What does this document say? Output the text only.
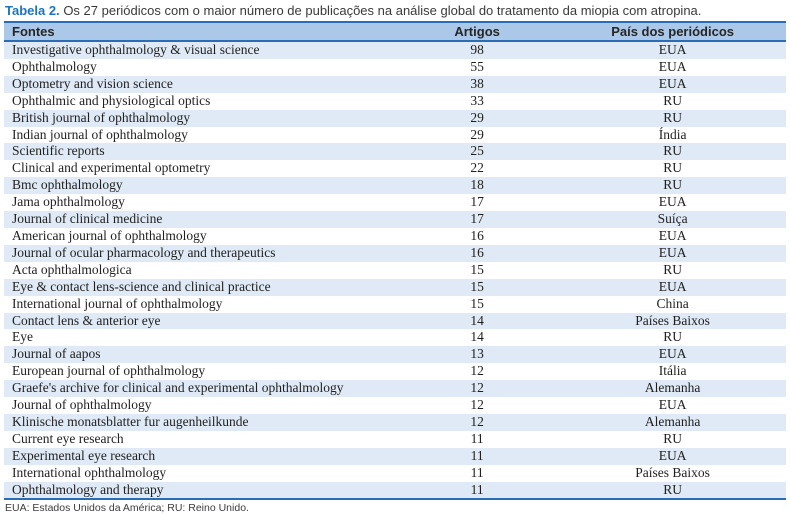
Tabela 2. Os 27 periódicos com o maior número de publicações na análise global do tratamento da miopia com atropina.
Fontes	Artigos	País dos periódicos
Investigative ophthalmology & visual science	98	EUA
Ophthalmology	55	EUA
Optometry and vision science	38	EUA
Ophthalmic and physiological optics	33	RU
British journal of ophthalmology	29	RU
Indian journal of ophthalmology	29	Índia
Scientific reports	25	RU
Clinical and experimental optometry	22	RU
Bmc ophthalmology	18	RU
Jama ophthalmology	17	EUA
Journal of clinical medicine	17	Suíça
American journal of ophthalmology	16	EUA
Journal of ocular pharmacology and therapeutics	16	EUA
Acta ophthalmologica	15	RU
Eye & contact lens-science and clinical practice	15	EUA
International journal of ophthalmology	15	China
Contact lens & anterior eye	14	Países Baixos
Eye	14	RU
Journal of aapos	13	EUA
European journal of ophthalmology	12	Itália
Graefe's archive for clinical and experimental ophthalmology	12	Alemanha
Journal of ophthalmology	12	EUA
Klinische monatsblatter fur augenheilkunde	12	Alemanha
Current eye research	11	RU
Experimental eye research	11	EUA
International ophthalmology	11	Países Baixos
Ophthalmology and therapy	11	RU
EUA: Estados Unidos da América; RU: Reino Unido.
